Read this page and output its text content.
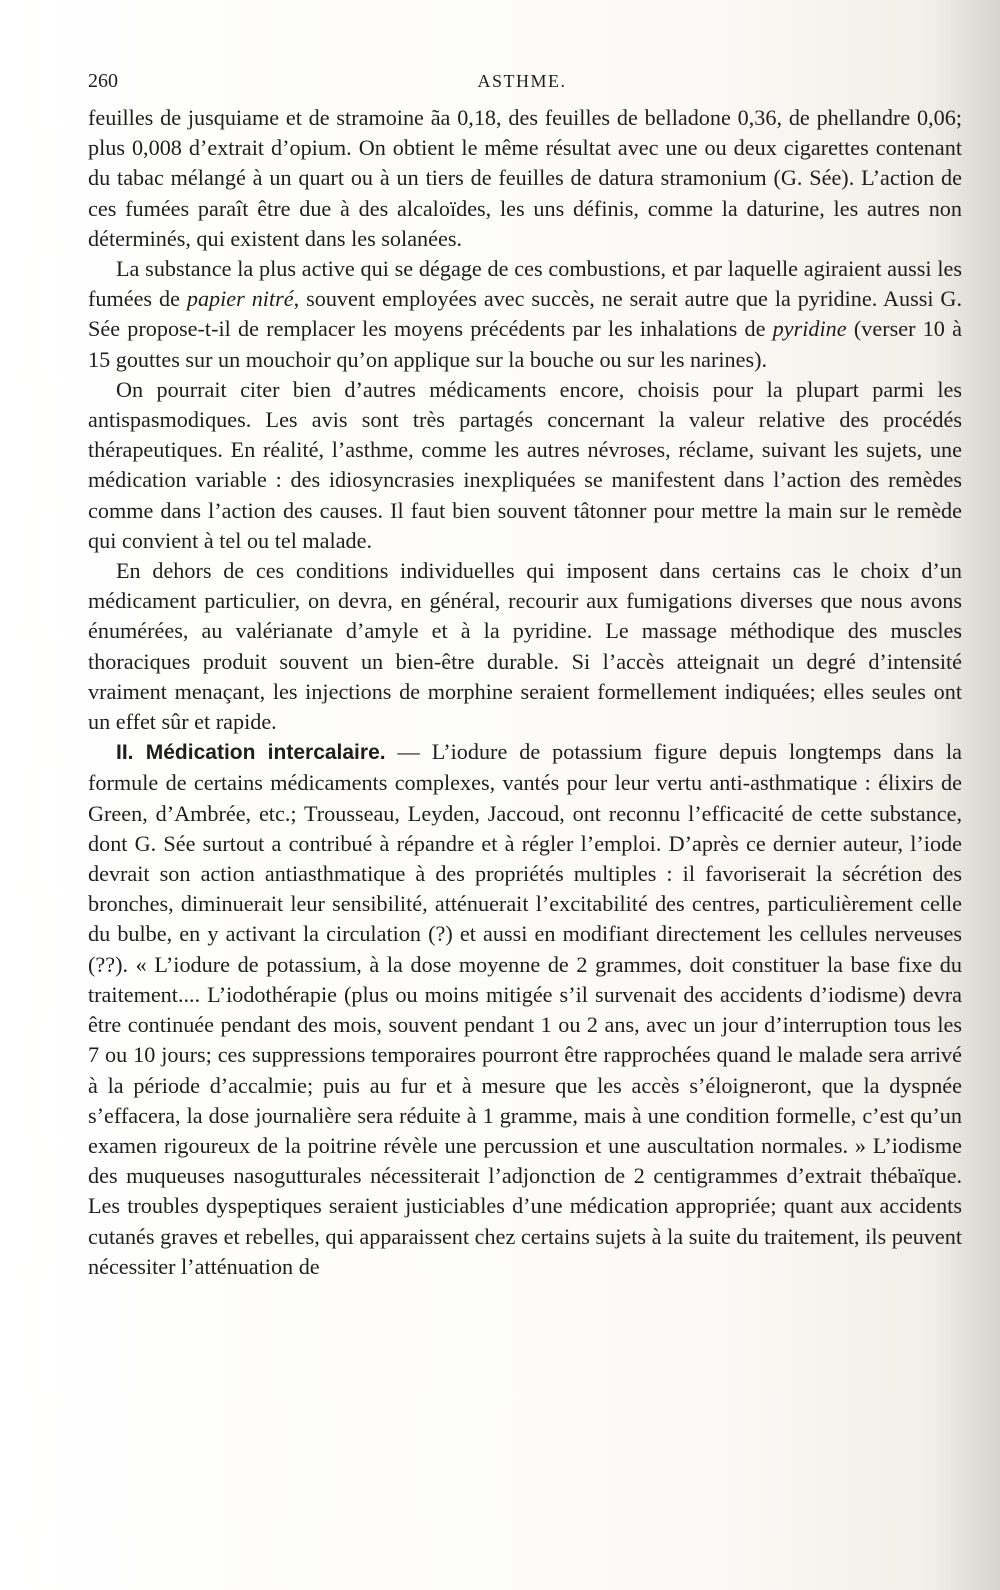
260	ASTHME.

feuilles de jusquiame et de stramoine ãa 0,18, des feuilles de belladone 0,36, de phellandre 0,06; plus 0,008 d’extrait d’opium. On obtient le même résultat avec une ou deux cigarettes contenant du tabac mélangé à un quart ou à un tiers de feuilles de datura stramonium (G. Sée). L’action de ces fumées paraît être due à des alcaloïdes, les uns définis, comme la daturine, les autres non déterminés, qui existent dans les solanées.

La substance la plus active qui se dégage de ces combustions, et par laquelle agiraient aussi les fumées de papier nitré, souvent employées avec succès, ne serait autre que la pyridine. Aussi G. Sée propose-t-il de remplacer les moyens précédents par les inhalations de pyridine (verser 10 à 15 gouttes sur un mouchoir qu’on applique sur la bouche ou sur les narines).

On pourrait citer bien d’autres médicaments encore, choisis pour la plupart parmi les antispasmodiques. Les avis sont très partagés concernant la valeur relative des procédés thérapeutiques. En réalité, l’asthme, comme les autres névroses, réclame, suivant les sujets, une médication variable : des idiosyncrasies inexpliquées se manifestent dans l’action des remèdes comme dans l’action des causes. Il faut bien souvent tâtonner pour mettre la main sur le remède qui convient à tel ou tel malade.

En dehors de ces conditions individuelles qui imposent dans certains cas le choix d’un médicament particulier, on devra, en général, recourir aux fumigations diverses que nous avons énumérées, au valérianate d’amyle et à la pyridine. Le massage méthodique des muscles thoraciques produit souvent un bien-être durable. Si l’accès atteignait un degré d’intensité vraiment menaçant, les injections de morphine seraient formellement indiquées; elles seules ont un effet sûr et rapide.

II. Médication intercalaire. — L’iodure de potassium figure depuis longtemps dans la formule de certains médicaments complexes, vantés pour leur vertu anti-asthmatique : élixirs de Green, d’Ambrée, etc.; Trousseau, Leyden, Jaccoud, ont reconnu l’efficacité de cette substance, dont G. Sée surtout a contribué à répandre et à régler l’emploi. D’après ce dernier auteur, l’iode devrait son action antiasthmatique à des propriétés multiples : il favoriserait la sécrétion des bronches, diminuerait leur sensibilité, atténuerait l’excitabilité des centres, particulièrement celle du bulbe, en y activant la circulation (?) et aussi en modifiant directement les cellules nerveuses (??). « L’iodure de potassium, à la dose moyenne de 2 grammes, doit constituer la base fixe du traitement.... L’iodothérapie (plus ou moins mitigée s’il survenait des accidents d’iodisme) devra être continuée pendant des mois, souvent pendant 1 ou 2 ans, avec un jour d’interruption tous les 7 ou 10 jours; ces suppressions temporaires pourront être rapprochées quand le malade sera arrivé à la période d’accalmie; puis au fur et à mesure que les accès s’éloigneront, que la dyspnée s’effacera, la dose journalière sera réduite à 1 gramme, mais à une condition formelle, c’est qu’un examen rigoureux de la poitrine révèle une percussion et une auscultation normales. » L’iodisme des muqueuses nasogutturales nécessiterait l’adjonction de 2 centigrammes d’extrait thébaïque. Les troubles dyspeptiques seraient justiciables d’une médication appropriée; quant aux accidents cutanés graves et rebelles, qui apparaissent chez certains sujets à la suite du traitement, ils peuvent nécessiter l’atténuation de
